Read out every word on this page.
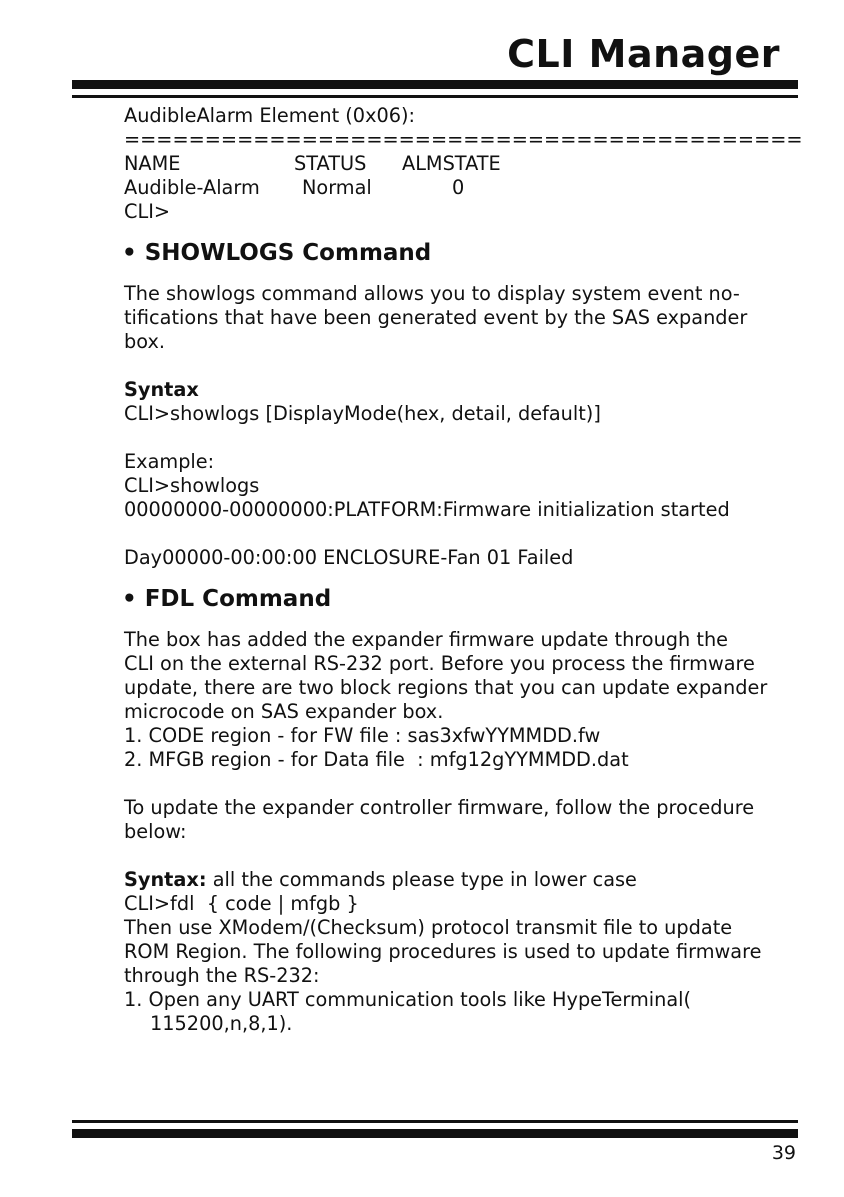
CLI Manager
AudibleAlarm Element (0x06):
==========================================
NAME	STATUS	ALMSTATE
Audible-Alarm	Normal	0
CLI>
• SHOWLOGS Command
The showlogs command allows you to display system event no-
tifications that have been generated event by the SAS expander
box.
Syntax
CLI>showlogs [DisplayMode(hex, detail, default)]
Example:
CLI>showlogs
00000000-00000000:PLATFORM:Firmware initialization started
Day00000-00:00:00 ENCLOSURE-Fan 01 Failed
• FDL Command
The box has added the expander firmware update through the
CLI on the external RS-232 port. Before you process the firmware
update, there are two block regions that you can update expander
microcode on SAS expander box.
1. CODE region - for FW file : sas3xfwYYMMDD.fw
2. MFGB region - for Data file  : mfg12gYYMMDD.dat
To update the expander controller firmware, follow the procedure
below:
Syntax: all the commands please type in lower case
CLI>fdl  { code | mfgb }
Then use XModem/(Checksum) protocol transmit file to update
ROM Region. The following procedures is used to update firmware
through the RS-232:
1. Open any UART communication tools like HypeTerminal(
115200,n,8,1).
39
